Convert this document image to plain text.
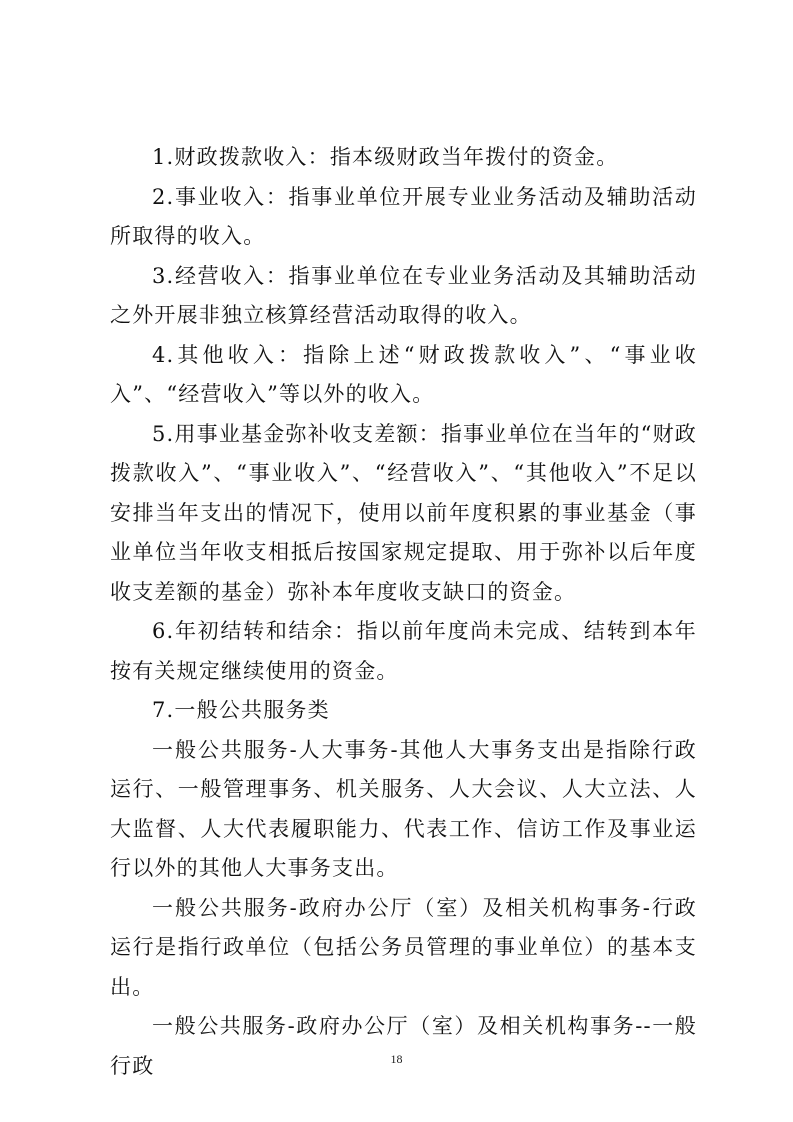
1.财政拨款收入：指本级财政当年拨付的资金。

2.事业收入：指事业单位开展专业业务活动及辅助活动所取得的收入。

3.经营收入：指事业单位在专业业务活动及其辅助活动之外开展非独立核算经营活动取得的收入。

4.其他收入：指除上述“财政拨款收入”、“事业收入”、“经营收入”等以外的收入。

5.用事业基金弥补收支差额：指事业单位在当年的“财政拨款收入”、“事业收入”、“经营收入”、“其他收入”不足以安排当年支出的情况下，使用以前年度积累的事业基金（事业单位当年收支相抵后按国家规定提取、用于弥补以后年度收支差额的基金）弥补本年度收支缺口的资金。

6.年初结转和结余：指以前年度尚未完成、结转到本年按有关规定继续使用的资金。

7.一般公共服务类

一般公共服务-人大事务-其他人大事务支出是指除行政运行、一般管理事务、机关服务、人大会议、人大立法、人大监督、人大代表履职能力、代表工作、信访工作及事业运行以外的其他人大事务支出。

一般公共服务-政府办公厅（室）及相关机构事务-行政运行是指行政单位（包括公务员管理的事业单位）的基本支出。

一般公共服务-政府办公厅（室）及相关机构事务--一般行政	18
